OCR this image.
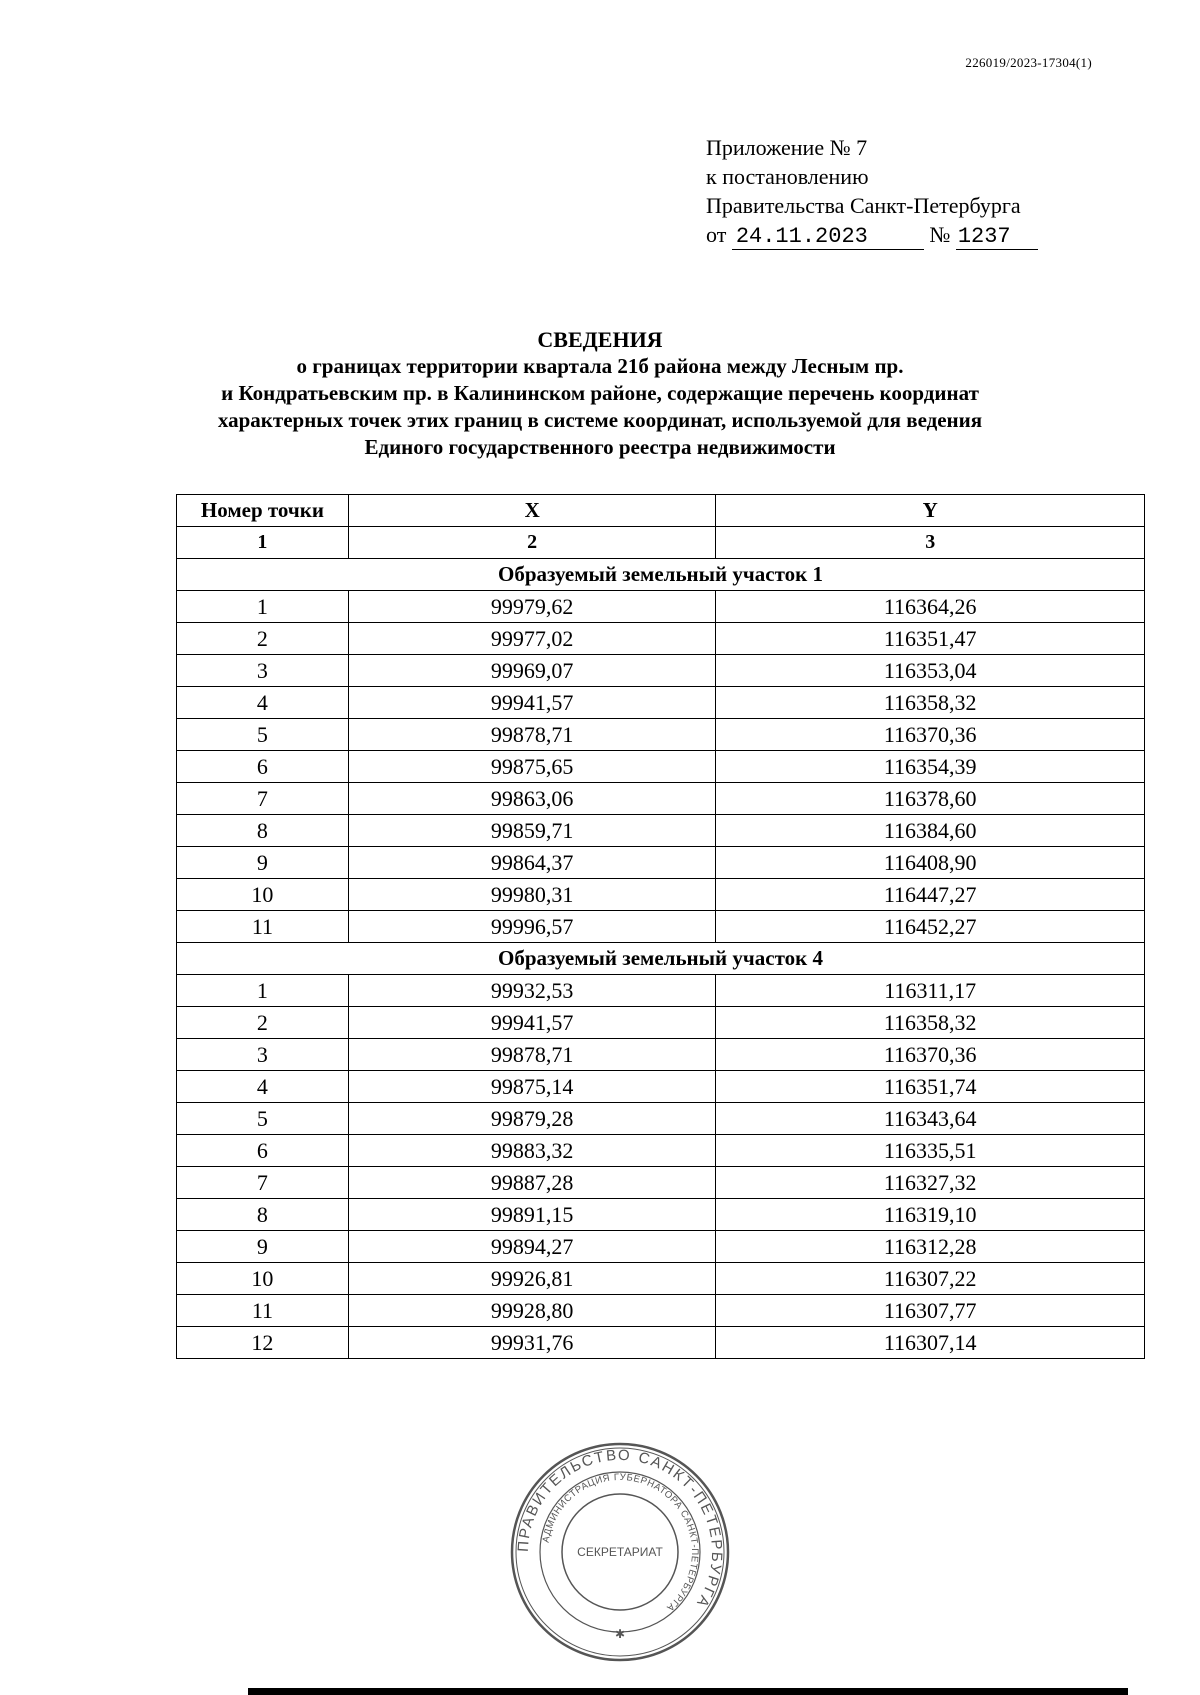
226019/2023-17304(1)
Приложение № 7
к постановлению
Правительства Санкт-Петербурга
от 24.11.2023	№ 1237
СВЕДЕНИЯ
о границах территории квартала 21б района между Лесным пр.
и Кондратьевским пр. в Калининском районе, содержащие перечень координат
характерных точек этих границ в системе координат, используемой для ведения
Единого государственного реестра недвижимости
Номер точки	X	Y
1	2	3
Образуемый земельный участок 1		
1	99979,62	116364,26
2	99977,02	116351,47
3	99969,07	116353,04
4	99941,57	116358,32
5	99878,71	116370,36
6	99875,65	116354,39
7	99863,06	116378,60
8	99859,71	116384,60
9	99864,37	116408,90
10	99980,31	116447,27
11	99996,57	116452,27
Образуемый земельный участок 4		
1	99932,53	116311,17
2	99941,57	116358,32
3	99878,71	116370,36
4	99875,14	116351,74
5	99879,28	116343,64
6	99883,32	116335,51
7	99887,28	116327,32
8	99891,15	116319,10
9	99894,27	116312,28
10	99926,81	116307,22
11	99928,80	116307,77
12	99931,76	116307,14
ПРАВИТЕЛЬСТВО САНКТ-ПЕТЕРБУРГА
АДМИНИСТРАЦИЯ ГУБЕРНАТОРА САНКТ-ПЕТЕРБУРГА
СЕКРЕТАРИАТ
✱
